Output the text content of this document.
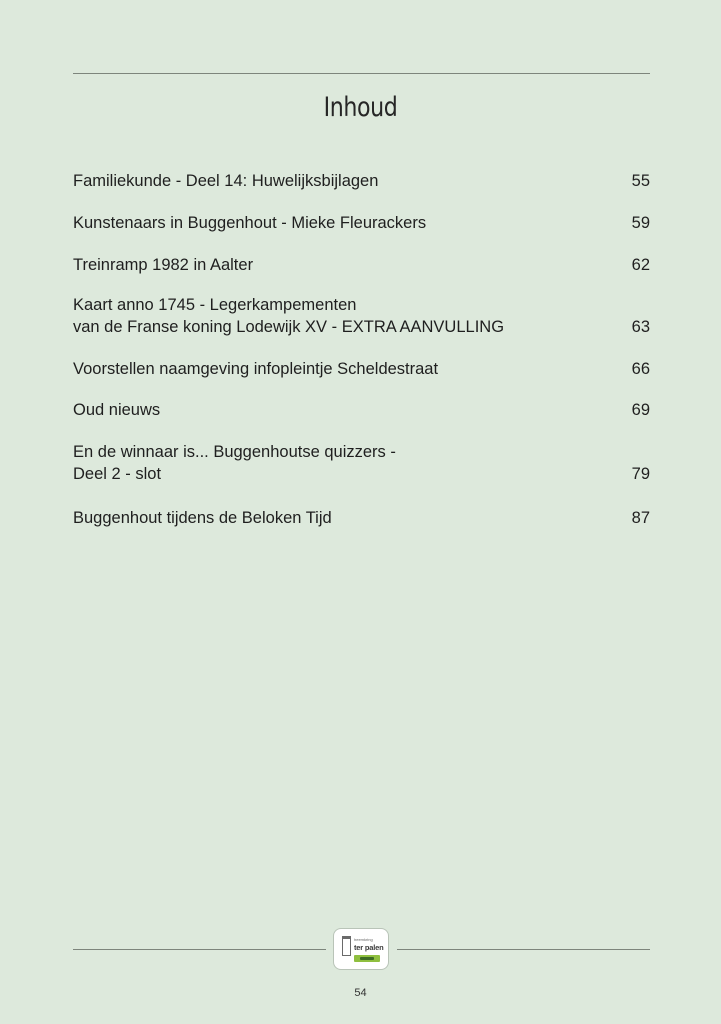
Inhoud
Familiekunde - Deel 14: Huwelijksbijlagen	55
Kunstenaars in Buggenhout - Mieke Fleurackers	59
Treinramp 1982 in Aalter	62
Kaart anno 1745 - Legerkampementen
van de Franse koning Lodewijk XV - EXTRA AANVULLING	63
Voorstellen naamgeving infopleintje Scheldestraat	66
Oud nieuws	69
En de winnaar is... Buggenhoutse quizzers -
Deel 2 - slot	79
Buggenhout tijdens de Beloken Tijd	87
heemkring
ter palen
54
